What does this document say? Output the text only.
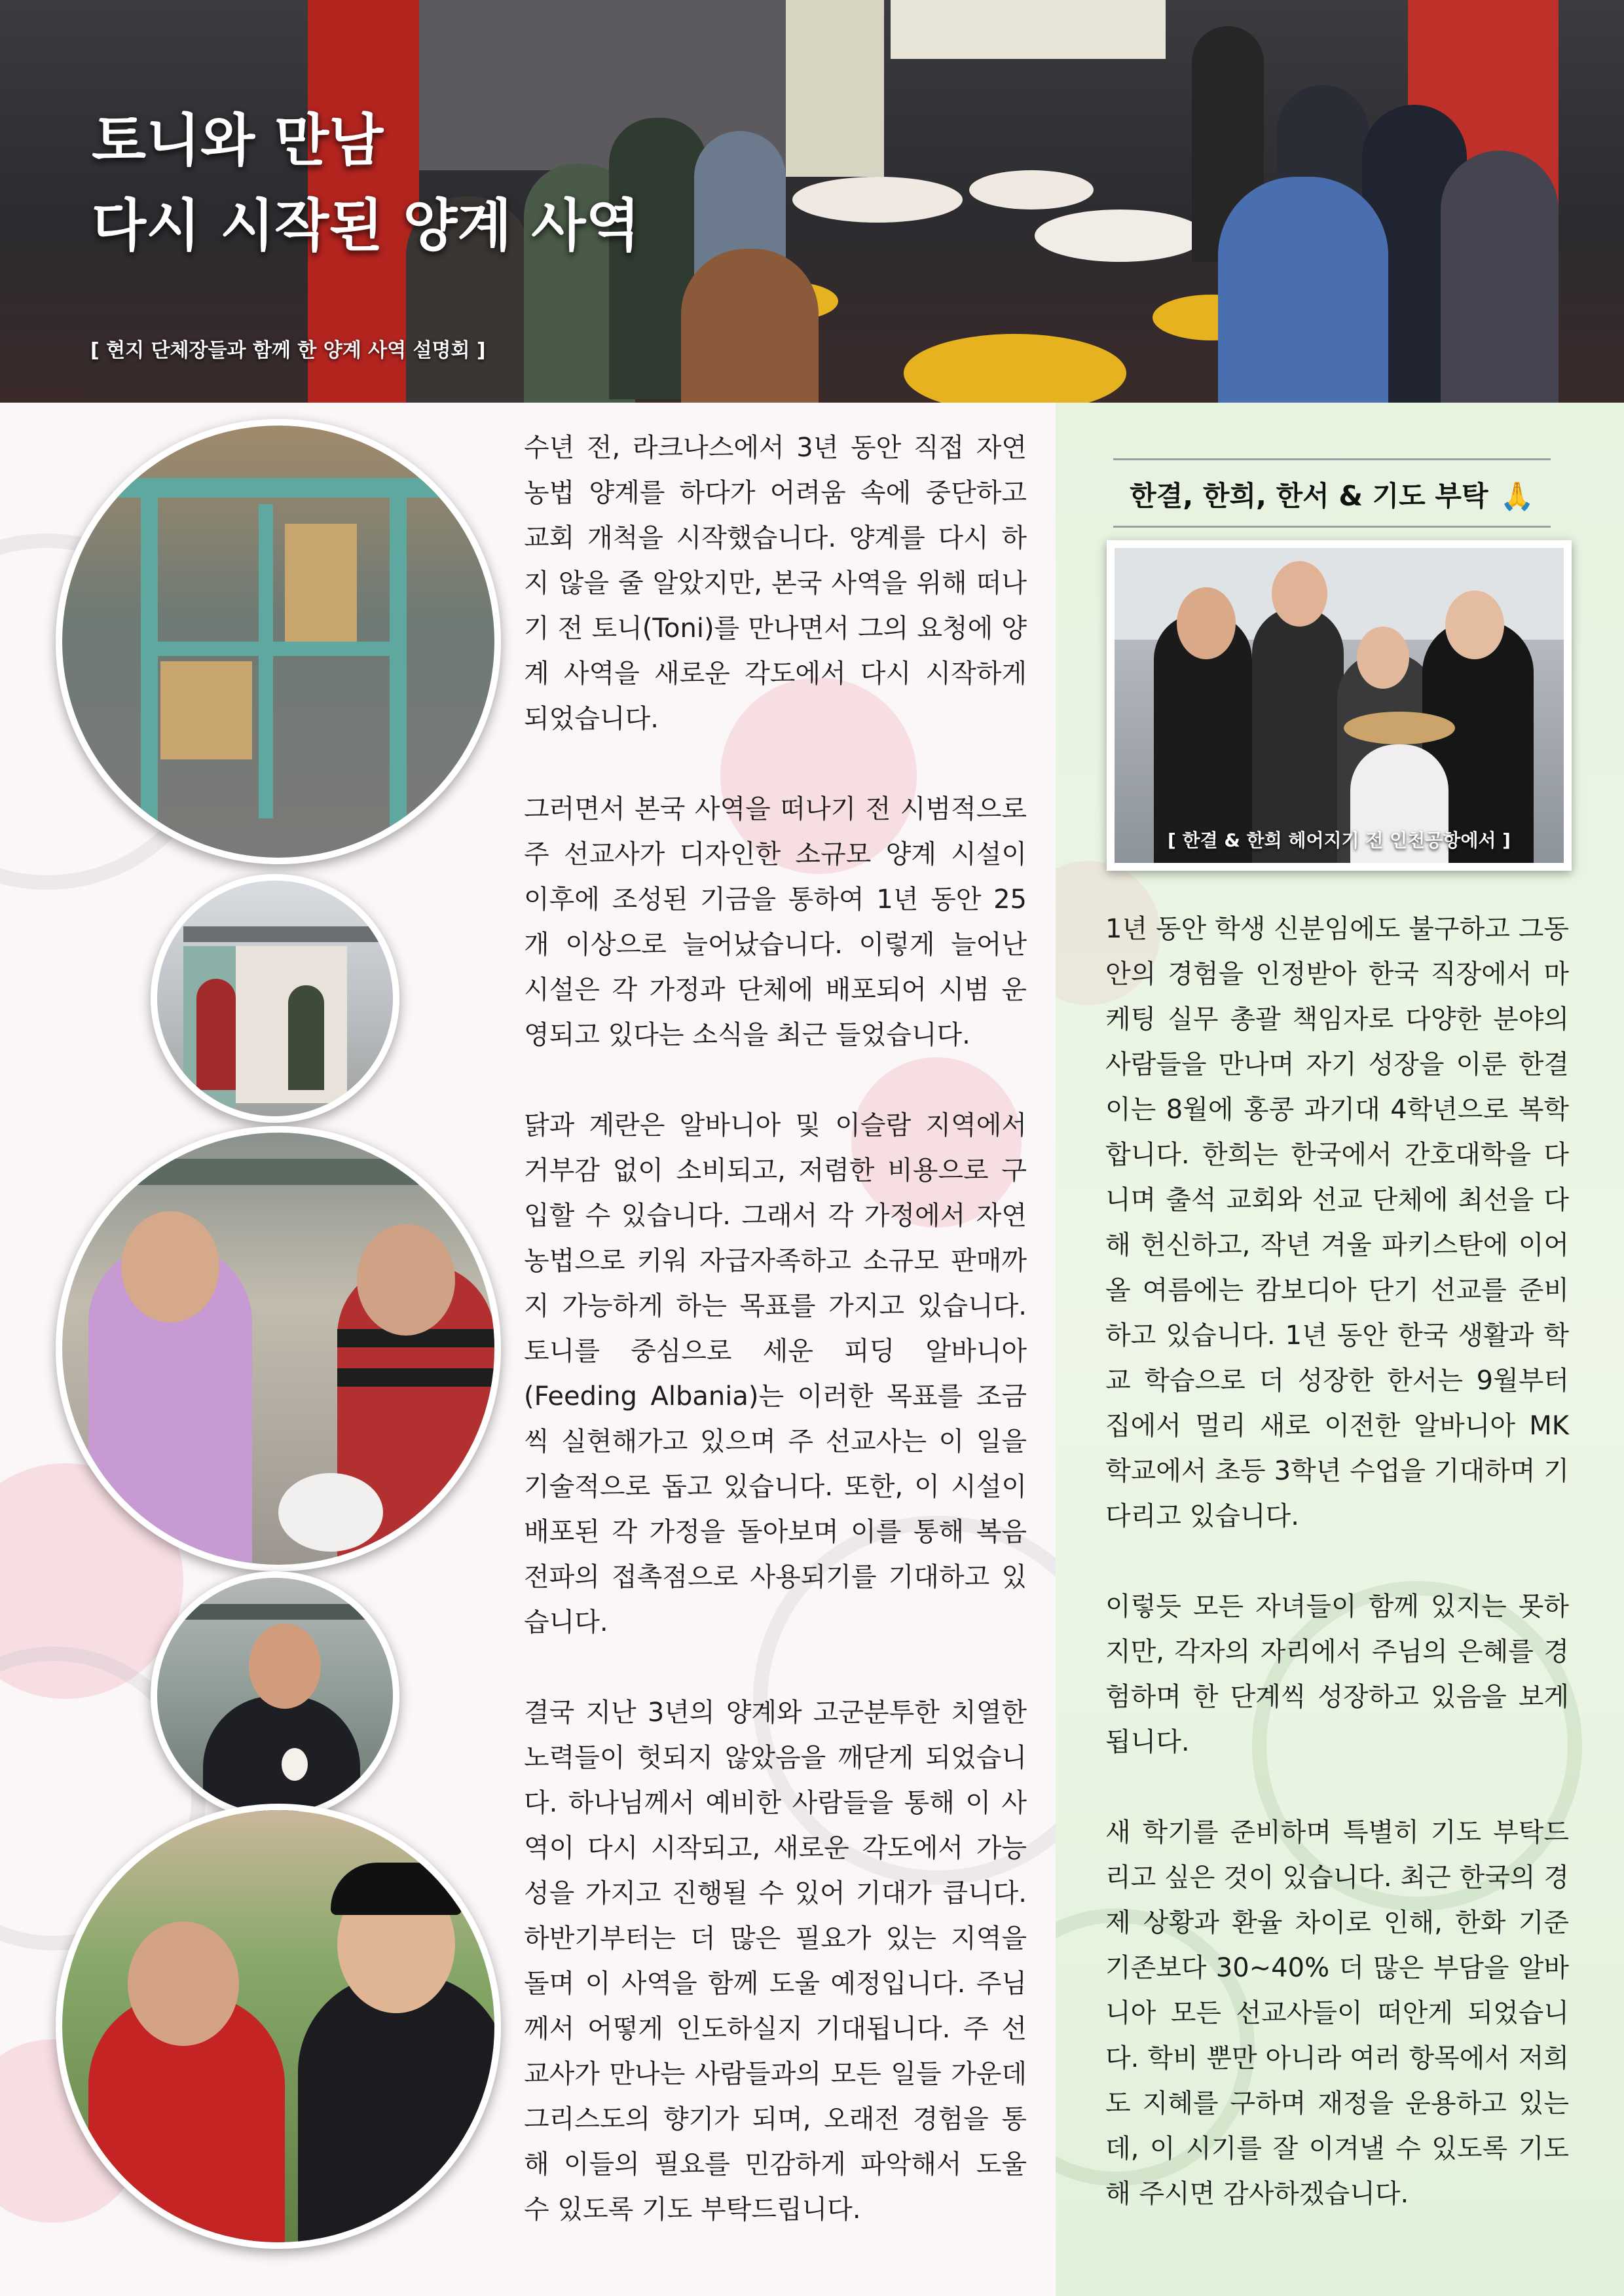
토니와 만남
다시 시작된 양계 사역
[ 현지 단체장들과 함께 한 양계 사역 설명회 ]

수년 전, 라크나스에서 3년 동안 직접 자연 농법 양계를 하다가 어려움 속에 중단하고 교회 개척을 시작했습니다. 양계를 다시 하지 않을 줄 알았지만, 본국 사역을 위해 떠나기 전 토니(Toni)를 만나면서 그의 요청에 양계 사역을 새로운 각도에서 다시 시작하게 되었습니다.

그러면서 본국 사역을 떠나기 전 시범적으로 주 선교사가 디자인한 소규모 양계 시설이 이후에 조성된 기금을 통하여 1년 동안 25개 이상으로 늘어났습니다. 이렇게 늘어난 시설은 각 가정과 단체에 배포되어 시범 운영되고 있다는 소식을 최근 들었습니다.

닭과 계란은 알바니아 및 이슬람 지역에서 거부감 없이 소비되고, 저렴한 비용으로 구입할 수 있습니다. 그래서 각 가정에서 자연 농법으로 키워 자급자족하고 소규모 판매까지 가능하게 하는 목표를 가지고 있습니다. 토니를 중심으로 세운 피딩 알바니아(Feeding Albania)는 이러한 목표를 조금씩 실현해가고 있으며 주 선교사는 이 일을 기술적으로 돕고 있습니다. 또한, 이 시설이 배포된 각 가정을 돌아보며 이를 통해 복음 전파의 접촉점으로 사용되기를 기대하고 있습니다.

결국 지난 3년의 양계와 고군분투한 치열한 노력들이 헛되지 않았음을 깨닫게 되었습니다. 하나님께서 예비한 사람들을 통해 이 사역이 다시 시작되고, 새로운 각도에서 가능성을 가지고 진행될 수 있어 기대가 큽니다. 하반기부터는 더 많은 필요가 있는 지역을 돌며 이 사역을 함께 도울 예정입니다. 주님께서 어떻게 인도하실지 기대됩니다. 주 선교사가 만나는 사람들과의 모든 일들 가운데 그리스도의 향기가 되며, 오래전 경험을 통해 이들의 필요를 민감하게 파악해서 도울 수 있도록 기도 부탁드립니다.

한결, 한희, 한서 & 기도 부탁 🙏
[ 한결 & 한희 헤어지기 전 인천공항에서 ]

1년 동안 학생 신분임에도 불구하고 그동안의 경험을 인정받아 한국 직장에서 마케팅 실무 총괄 책임자로 다양한 분야의 사람들을 만나며 자기 성장을 이룬 한결이는 8월에 홍콩 과기대 4학년으로 복학합니다. 한희는 한국에서 간호대학을 다니며 출석 교회와 선교 단체에 최선을 다해 헌신하고, 작년 겨울 파키스탄에 이어 올 여름에는 캄보디아 단기 선교를 준비하고 있습니다. 1년 동안 한국 생활과 학교 학습으로 더 성장한 한서는 9월부터 집에서 멀리 새로 이전한 알바니아 MK 학교에서 초등 3학년 수업을 기대하며 기다리고 있습니다.

이렇듯 모든 자녀들이 함께 있지는 못하지만, 각자의 자리에서 주님의 은혜를 경험하며 한 단계씩 성장하고 있음을 보게 됩니다.

새 학기를 준비하며 특별히 기도 부탁드리고 싶은 것이 있습니다. 최근 한국의 경제 상황과 환율 차이로 인해, 한화 기준 기존보다 30~40% 더 많은 부담을 알바니아 모든 선교사들이 떠안게 되었습니다. 학비 뿐만 아니라 여러 항목에서 저희도 지혜를 구하며 재정을 운용하고 있는데, 이 시기를 잘 이겨낼 수 있도록 기도해 주시면 감사하겠습니다.
